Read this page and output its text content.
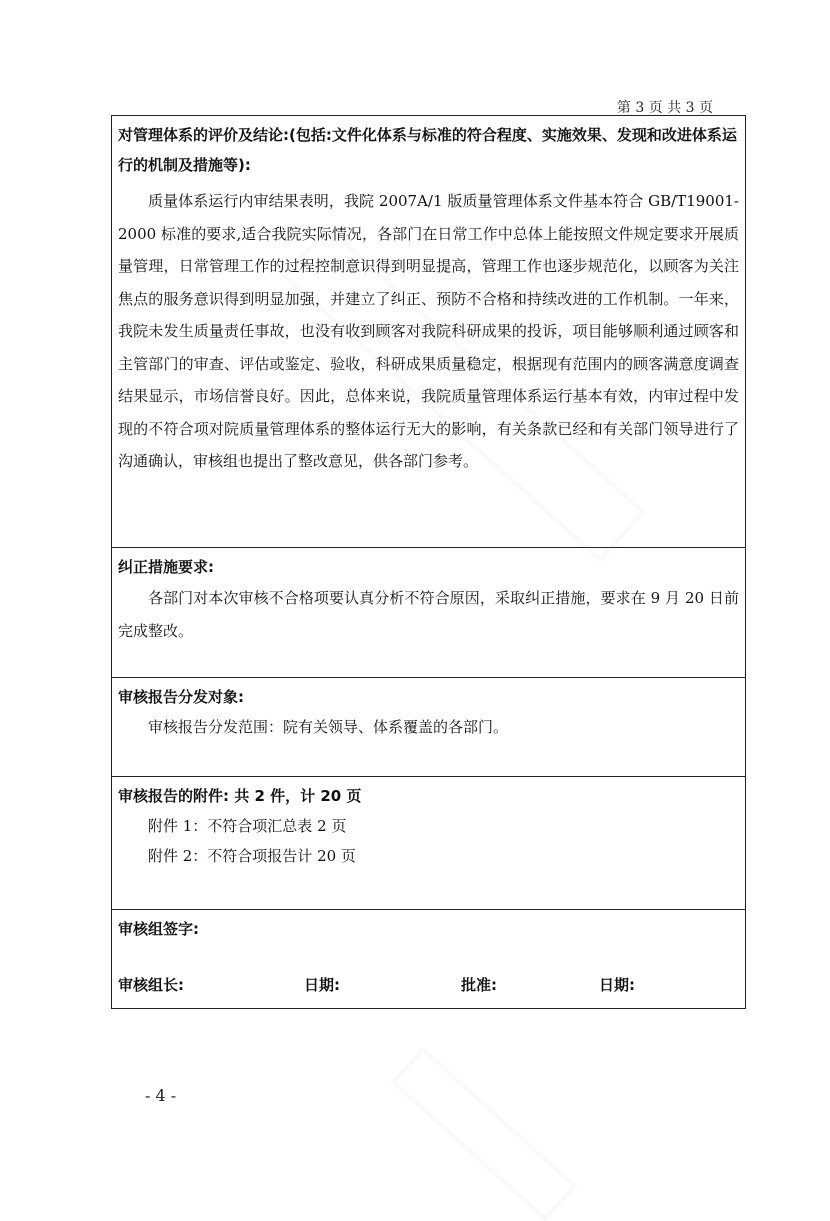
第 3 页 共 3 页

对管理体系的评价及结论:(包括:文件化体系与标准的符合程度、实施效果、发现和改进体系运行的机制及措施等):

质量体系运行内审结果表明，我院 2007A/1 版质量管理体系文件基本符合 GB/T19001-2000 标准的要求,适合我院实际情况，各部门在日常工作中总体上能按照文件规定要求开展质量管理，日常管理工作的过程控制意识得到明显提高，管理工作也逐步规范化，以顾客为关注焦点的服务意识得到明显加强，并建立了纠正、预防不合格和持续改进的工作机制。一年来，我院未发生质量责任事故，也没有收到顾客对我院科研成果的投诉，项目能够顺利通过顾客和主管部门的审查、评估或鉴定、验收，科研成果质量稳定，根据现有范围内的顾客满意度调查结果显示，市场信誉良好。因此，总体来说，我院质量管理体系运行基本有效，内审过程中发现的不符合项对院质量管理体系的整体运行无大的影响，有关条款已经和有关部门领导进行了沟通确认，审核组也提出了整改意见，供各部门参考。

纠正措施要求:

各部门对本次审核不合格项要认真分析不符合原因，采取纠正措施，要求在 9 月 20 日前完成整改。

审核报告分发对象:

审核报告分发范围：院有关领导、体系覆盖的各部门。

审核报告的附件: 共 2 件，计 20 页

附件 1：不符合项汇总表 2 页

附件 2：不符合项报告计 20 页

审核组签字:

审核组长:	日期:	批准:	日期:
- 4 -
